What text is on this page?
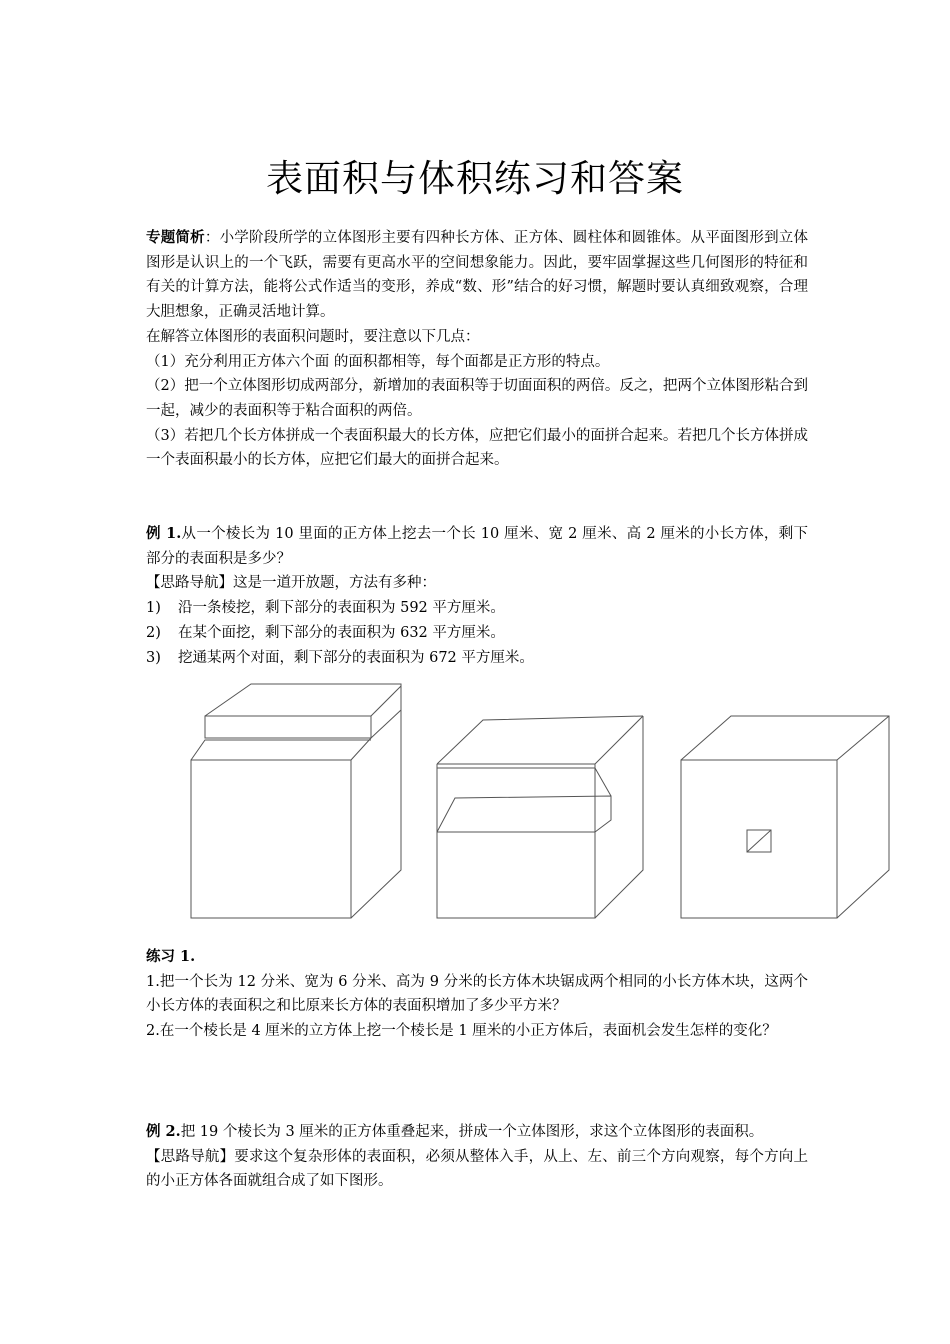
表面积与体积练习和答案

专题简析：小学阶段所学的立体图形主要有四种长方体、正方体、圆柱体和圆锥体。从平面图形到立体图形是认识上的一个飞跃，需要有更高水平的空间想象能力。因此，要牢固掌握这些几何图形的特征和有关的计算方法，能将公式作适当的变形，养成“数、形”结合的好习惯，解题时要认真细致观察，合理大胆想象，正确灵活地计算。

在解答立体图形的表面积问题时，要注意以下几点：

（1）充分利用正方体六个面 的面积都相等，每个面都是正方形的特点。

（2）把一个立体图形切成两部分，新增加的表面积等于切面面积的两倍。反之，把两个立体图形粘合到一起，减少的表面积等于粘合面积的两倍。

（3）若把几个长方体拼成一个表面积最大的长方体，应把它们最小的面拼合起来。若把几个长方体拼成一个表面积最小的长方体，应把它们最大的面拼合起来。

例 1.从一个棱长为 10 里面的正方体上挖去一个长 10 厘米、宽 2 厘米、高 2 厘米的小长方体，剩下部分的表面积是多少？

【思路导航】这是一道开放题，方法有多种：

1)	沿一条棱挖，剩下部分的表面积为 592 平方厘米。
2)	在某个面挖，剩下部分的表面积为 632 平方厘米。
3)	挖通某两个对面，剩下部分的表面积为 672 平方厘米。

练习 1.

1.把一个长为 12 分米、宽为 6 分米、高为 9 分米的长方体木块锯成两个相同的小长方体木块，这两个小长方体的表面积之和比原来长方体的表面积增加了多少平方米？

2.在一个棱长是 4 厘米的立方体上挖一个棱长是 1 厘米的小正方体后，表面机会发生怎样的变化？

例 2.把 19 个棱长为 3 厘米的正方体重叠起来，拼成一个立体图形，求这个立体图形的表面积。

【思路导航】要求这个复杂形体的表面积，必须从整体入手，从上、左、前三个方向观察，每个方向上的小正方体各面就组合成了如下图形。
